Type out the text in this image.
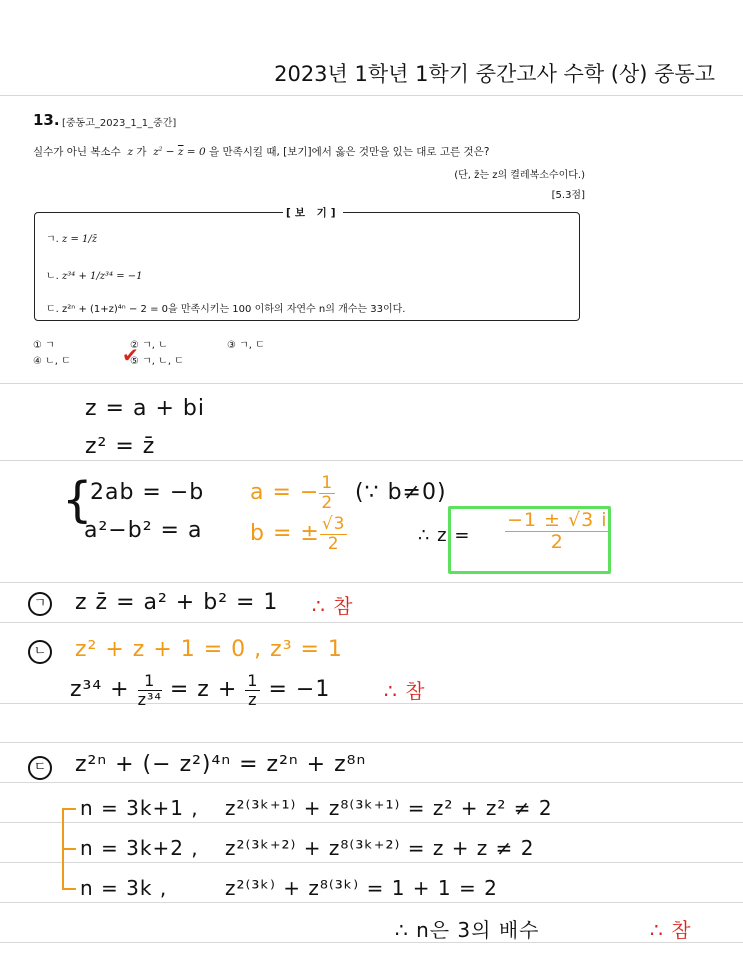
2023년 1학년 1학기 중간고사 수학 (상) 중동고
13. [중동고_2023_1_1_중간]
실수가 아닌 복소수  z 가  $z^2 - \overline{z} = 0$ 을 만족시킬 때, [보기]에서 옳은 것만을 있는 대로 고른 것은?
(단, z̄는 z의 켤레복소수이다.)
[5.3점]
[보 기]
ㄱ. z = 1/z̄
ㄴ. z³⁴ + 1/z³⁴ = −1
ㄷ. z²ⁿ + (1+z)⁴ⁿ − 2 = 0을 만족시키는 100 이하의 자연수 n의 개수는 33이다.
① ㄱ	② ㄱ, ㄴ	③ ㄱ, ㄷ
④ ㄴ, ㄷ	⑤ ㄱ, ㄴ, ㄷ
✔
z = a + bi
z² = z̄
{
2ab = −b
a²−b² = a
a = − $\frac{1}{2}$ (∵ b≠0)
b = ± $\frac{√3}{2}$	∴ $z = \frac{-1 \pm √3 i}{2}$
ㄱ z z̄ = a² + b² = 1 ∴ 참
ㄴ z² + z + 1 = 0 , z³ = 1
$z^{34} + \frac{1}{\text{z³⁴}} = z + \frac{1}{z} = -1$	∴ 참
ㄷ z²ⁿ + (− z²)⁴ⁿ = z²ⁿ + z⁸ⁿ
n = 3k+1 , z²⁽³ᵏ⁺¹⁾ + z⁸⁽³ᵏ⁺¹⁾ = z² + z² ≠ 2
n = 3k+2 , z²⁽³ᵏ⁺²⁾ + z⁸⁽³ᵏ⁺²⁾ = z + z ≠ 2
n = 3k ,	z²⁽³ᵏ⁾ + z⁸⁽³ᵏ⁾ = 1 + 1 = 2
∴ n은 3의 배수	∴ 참
